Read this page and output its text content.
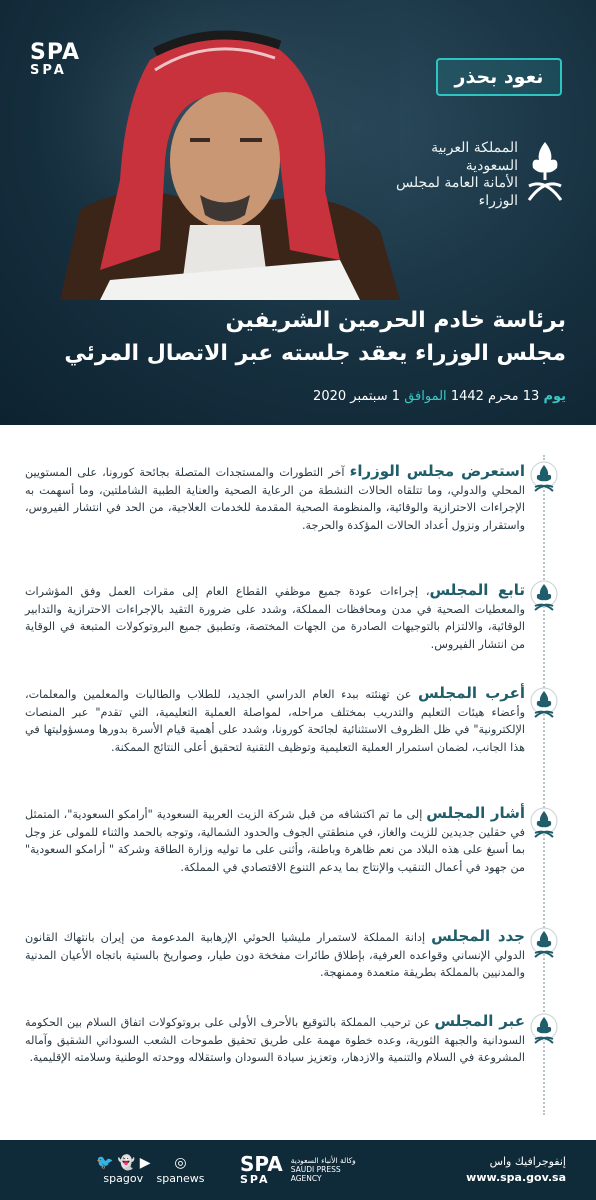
SPA
SPA	نعود بحذر
المملكة العربية السعودية
الأمانة العامة لمجلس الوزراء
برئاسة خادم الحرمين الشريفين
مجلس الوزراء يعقد جلسته عبر الاتصال المرئي
يوم 13 محرم 1442 الموافق 1 سبتمبر 2020
استعرض مجلس الوزراء آخر التطورات والمستجدات المتصلة بجائحة كورونا، على المستويين المحلي والدولي، وما تتلقاه الحالات النشطة من الرعاية الصحية والعناية الطبية الشاملتين، وما أسهمت به الإجراءات الاحترازية والوقائية، والمنظومة الصحية المقدمة للخدمات العلاجية، من الحد في انتشار الفيروس، واستقرار ونزول أعداد الحالات المؤكدة والحرجة.
تابع المجلس، إجراءات عودة جميع موظفي القطاع العام إلى مقرات العمل وفق المؤشرات والمعطيات الصحية في مدن ومحافظات المملكة، وشدد على ضرورة التقيد بالإجراءات الاحترازية والتدابير الوقائية، والالتزام بالتوجيهات الصادرة من الجهات المختصة، وتطبيق جميع البروتوكولات المتبعة في الوقاية من انتشار الفيروس.
أعرب المجلس عن تهنئته ببدء العام الدراسي الجديد، للطلاب والطالبات والمعلمين والمعلمات، وأعضاء هيئات التعليم والتدريب بمختلف مراحله، لمواصلة العملية التعليمية، التي تقدم" عبر المنصات الإلكترونية" في ظل الظروف الاستثنائية لجائحة كورونا، وشدد على أهمية قيام الأسرة بدورها ومسؤوليتها في هذا الجانب، لضمان استمرار العملية التعليمية وتوظيف التقنية لتحقيق أعلى النتائج الممكنة.
أشار المجلس إلى ما تم اكتشافه من قبل شركة الزيت العربية السعودية "أرامكو السعودية"، المتمثل في حقلين جديدين للزيت والغاز، في منطقتي الجوف والحدود الشمالية، وتوجه بالحمد والثناء للمولى عز وجل بما أسبغ على هذه البلاد من نعم ظاهرة وباطنة، وأثنى على ما توليه وزارة الطاقة وشركة " أرامكو السعودية" من جهود في أعمال التنقيب والإنتاج بما يدعم التنوع الاقتصادي في المملكة.
جدد المجلس إدانة المملكة لاستمرار مليشيا الحوثي الإرهابية المدعومة من إيران بانتهاك القانون الدولي الإنساني وقواعده العرفية، بإطلاق طائرات مفخخة دون طيار، وصواريخ بالستية باتجاه الأعيان المدنية والمدنيين بالمملكة بطريقة متعمدة وممنهجة.
عبر المجلس عن ترحيب المملكة بالتوقيع بالأحرف الأولى على بروتوكولات اتفاق السلام بين الحكومة السودانية والجبهة الثورية، وعده خطوة مهمة على طريق تحقيق طموحات الشعب السوداني الشقيق وآماله المشروعة في السلام والتنمية والازدهار، وتعزيز سيادة السودان واستقلاله ووحدته الوطنية وسلامته الإقليمية.
🐦 👻 ▶
spagov
◎
spanews
SPA
SPA
وكالة الأنباء السعودية
SAUDI PRESS
AGENCY
إنفوجرافيك واس
www.spa.gov.sa
